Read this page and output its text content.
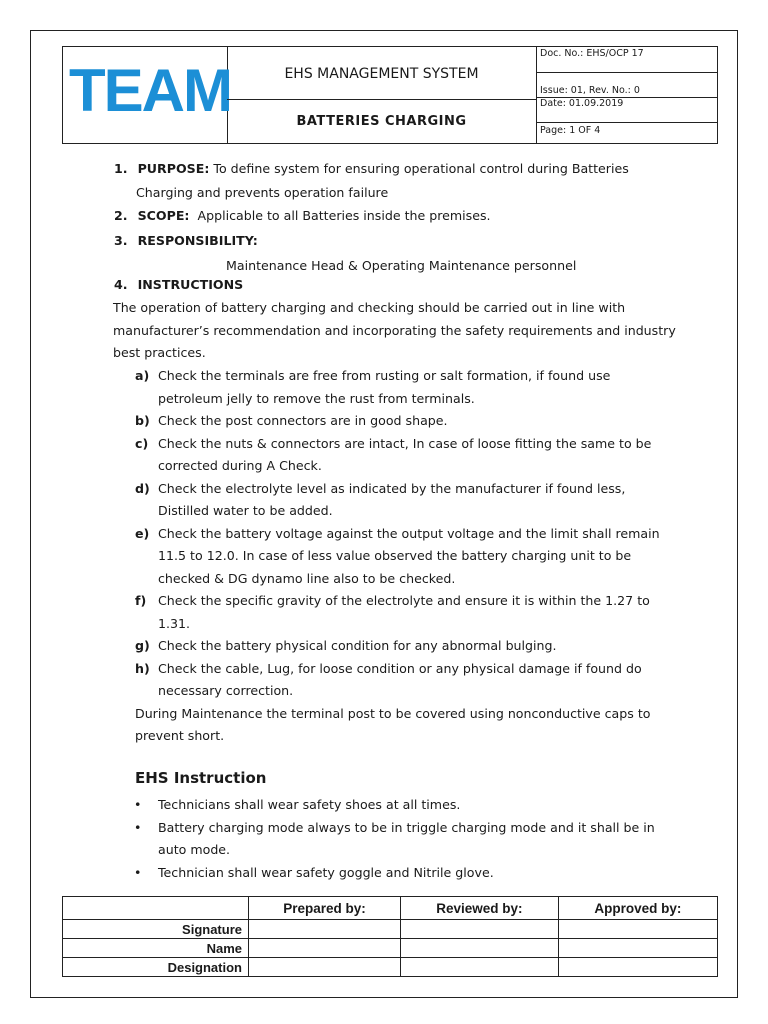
TEAM	EHS MANAGEMENT SYSTEM
BATTERIES CHARGING
Doc. No.: EHS/OCP 17
Issue: 01, Rev. No.: 0
Date: 01.09.2019
Page: 1 OF 4
1. PURPOSE: To define system for ensuring operational control during Batteries
Charging and prevents operation failure
2. SCOPE: Applicable to all Batteries inside the premises.
3. RESPONSIBILITY:
Maintenance Head & Operating Maintenance personnel
4. INSTRUCTIONS
The operation of battery charging and checking should be carried out in line with
manufacturer’s recommendation and incorporating the safety requirements and industry
best practices.
a) Check the terminals are free from rusting or salt formation, if found use
petroleum jelly to remove the rust from terminals.
b) Check the post connectors are in good shape.
c) Check the nuts & connectors are intact, In case of loose fitting the same to be
corrected during A Check.
d) Check the electrolyte level as indicated by the manufacturer if found less,
Distilled water to be added.
e) Check the battery voltage against the output voltage and the limit shall remain
11.5 to 12.0. In case of less value observed the battery charging unit to be
checked & DG dynamo line also to be checked.
f) Check the specific gravity of the electrolyte and ensure it is within the 1.27 to
1.31.
g) Check the battery physical condition for any abnormal bulging.
h) Check the cable, Lug, for loose condition or any physical damage if found do
necessary correction.
During Maintenance the terminal post to be covered using nonconductive caps to
prevent short.
EHS Instruction
• Technicians shall wear safety shoes at all times.
• Battery charging mode always to be in triggle charging mode and it shall be in
auto mode.
• Technician shall wear safety goggle and Nitrile glove.
	Prepared by:	Reviewed by:	Approved by:
Signature			
Name			
Designation			
